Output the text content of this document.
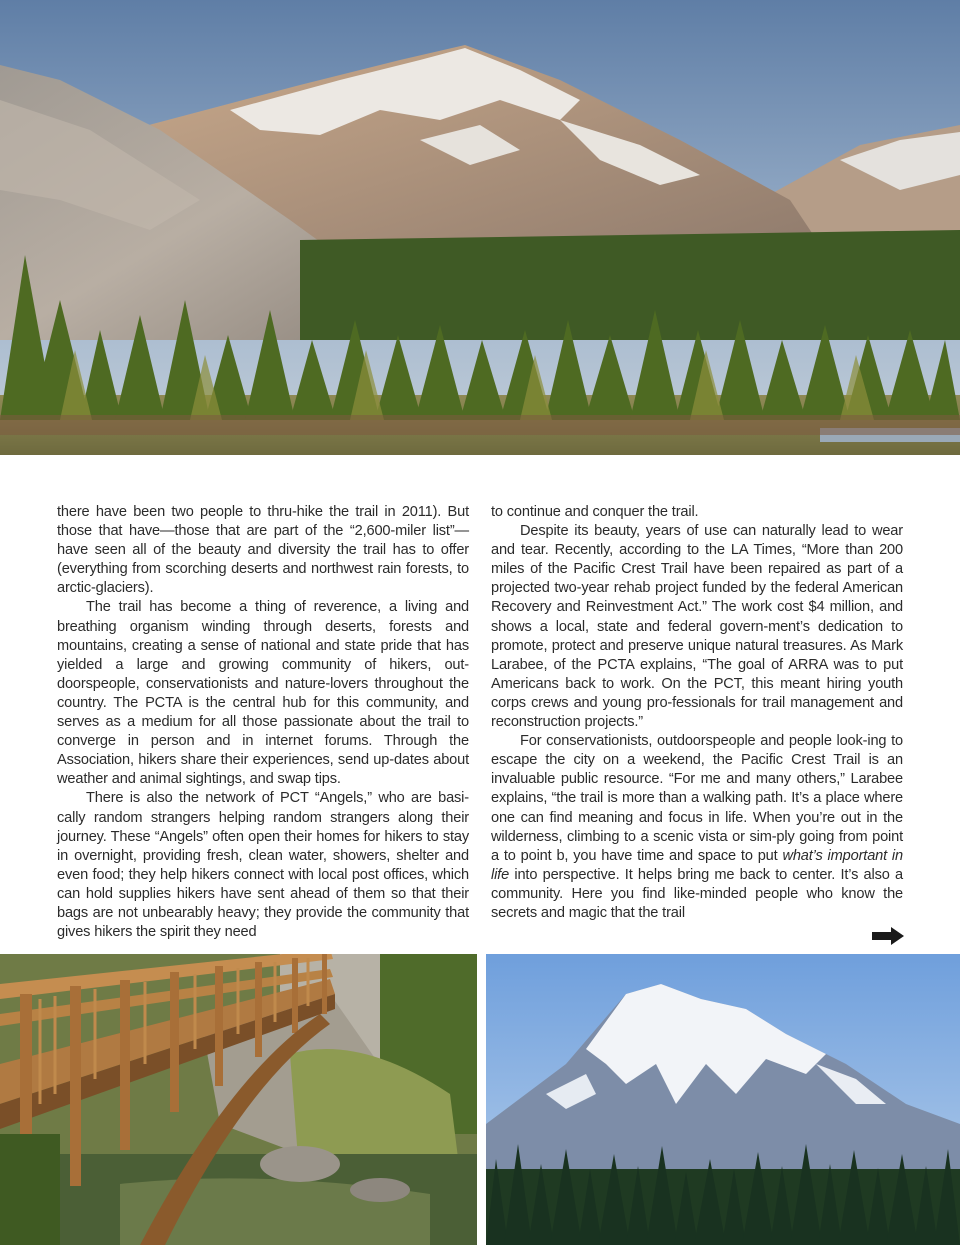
there have been two people to thru-hike the trail in 2011). But those that have—those that are part of the “2,600-miler list”—have seen all of the beauty and diversity the trail has to offer (everything from scorching deserts and northwest rain forests, to arctic-glaciers).

The trail has become a thing of reverence, a living and breathing organism winding through deserts, forests and mountains, creating a sense of national and state pride that has yielded a large and growing community of hikers, out-doorspeople, conservationists and nature-lovers throughout the country. The PCTA is the central hub for this community, and serves as a medium for all those passionate about the trail to converge in person and in internet forums. Through the Association, hikers share their experiences, send up-dates about weather and animal sightings, and swap tips.

There is also the network of PCT “Angels,” who are basi-cally random strangers helping random strangers along their journey. These “Angels” often open their homes for hikers to stay in overnight, providing fresh, clean water, showers, shelter and even food; they help hikers connect with local post offices, which can hold supplies hikers have sent ahead of them so that their bags are not unbearably heavy; they provide the community that gives hikers the spirit they need

to continue and conquer the trail.

Despite its beauty, years of use can naturally lead to wear and tear. Recently, according to the LA Times, “More than 200 miles of the Pacific Crest Trail have been repaired as part of a projected two-year rehab project funded by the federal American Recovery and Reinvestment Act.” The work cost $4 million, and shows a local, state and federal govern-ment’s dedication to promote, protect and preserve unique natural treasures. As Mark Larabee, of the PCTA explains, “The goal of ARRA was to put Americans back to work. On the PCT, this meant hiring youth corps crews and young pro-fessionals for trail management and reconstruction projects.”

For conservationists, outdoorspeople and people look-ing to escape the city on a weekend, the Pacific Crest Trail is an invaluable public resource. “For me and many others,” Larabee explains, “the trail is more than a walking path. It’s a place where one can find meaning and focus in life. When you’re out in the wilderness, climbing to a scenic vista or sim-ply going from point a to point b, you have time and space to put what’s important in life into perspective. It helps bring me back to center. It’s also a community. Here you find like-minded people who know the secrets and magic that the trail
